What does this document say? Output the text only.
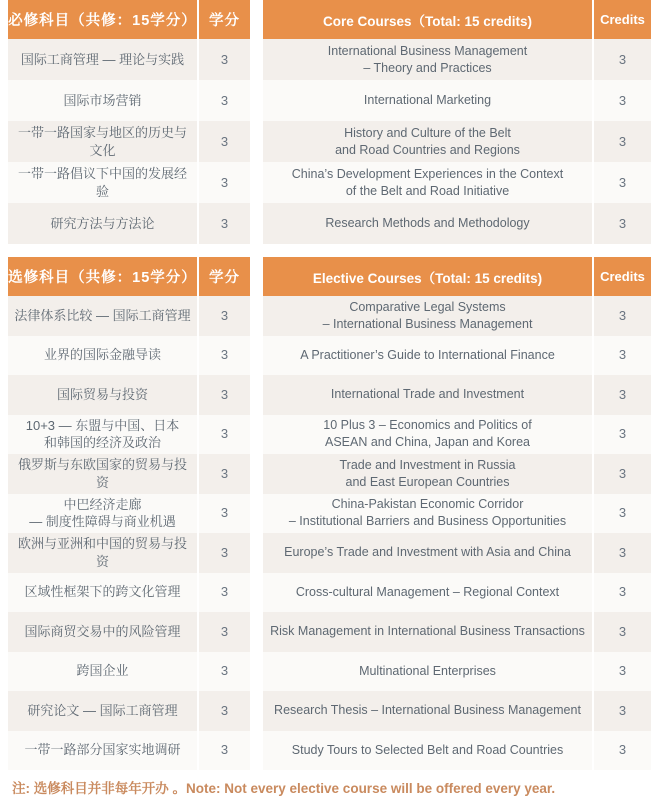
必修科目（共修：15学分）	学分
国际工商管理 — 理论与实践	3
国际市场营销	3
一带一路国家与地区的历史与文化	3
一带一路倡议下中国的发展经验	3
研究方法与方法论	3
Core Courses（Total: 15 credits)	Credits
International Business Management
– Theory and Practices	3
International Marketing	3
History and Culture of the Belt
and Road Countries and Regions	3
China’s Development Experiences in the Context
of the Belt and Road Initiative	3
Research Methods and Methodology	3
选修科目（共修：15学分）	学分
法律体系比较 — 国际工商管理	3
业界的国际金融导读	3
国际贸易与投资	3
10+3 — 东盟与中国、日本
和韩国的经济及政治	3
俄罗斯与东欧国家的贸易与投资	3
中巴经济走廊
— 制度性障碍与商业机遇	3
欧洲与亚洲和中国的贸易与投资	3
区域性框架下的跨文化管理	3
国际商贸交易中的风险管理	3
跨国企业	3
研究论文 — 国际工商管理	3
一带一路部分国家实地调研	3
Elective Courses（Total: 15 credits)	Credits
Comparative Legal Systems
– International Business Management	3
A Practitioner’s Guide to International Finance	3
International Trade and Investment	3
10 Plus 3 – Economics and Politics of
ASEAN and China, Japan and Korea	3
Trade and Investment in Russia
and East European Countries	3
China-Pakistan Economic Corridor
– Institutional Barriers and Business Opportunities	3
Europe’s Trade and Investment with Asia and China	3
Cross-cultural Management – Regional Context	3
Risk Management in International Business Transactions	3
Multinational Enterprises	3
Research Thesis – International Business Management	3
Study Tours to Selected Belt and Road Countries	3
注: 选修科目并非每年开办 。Note: Not every elective course will be offered every year.
